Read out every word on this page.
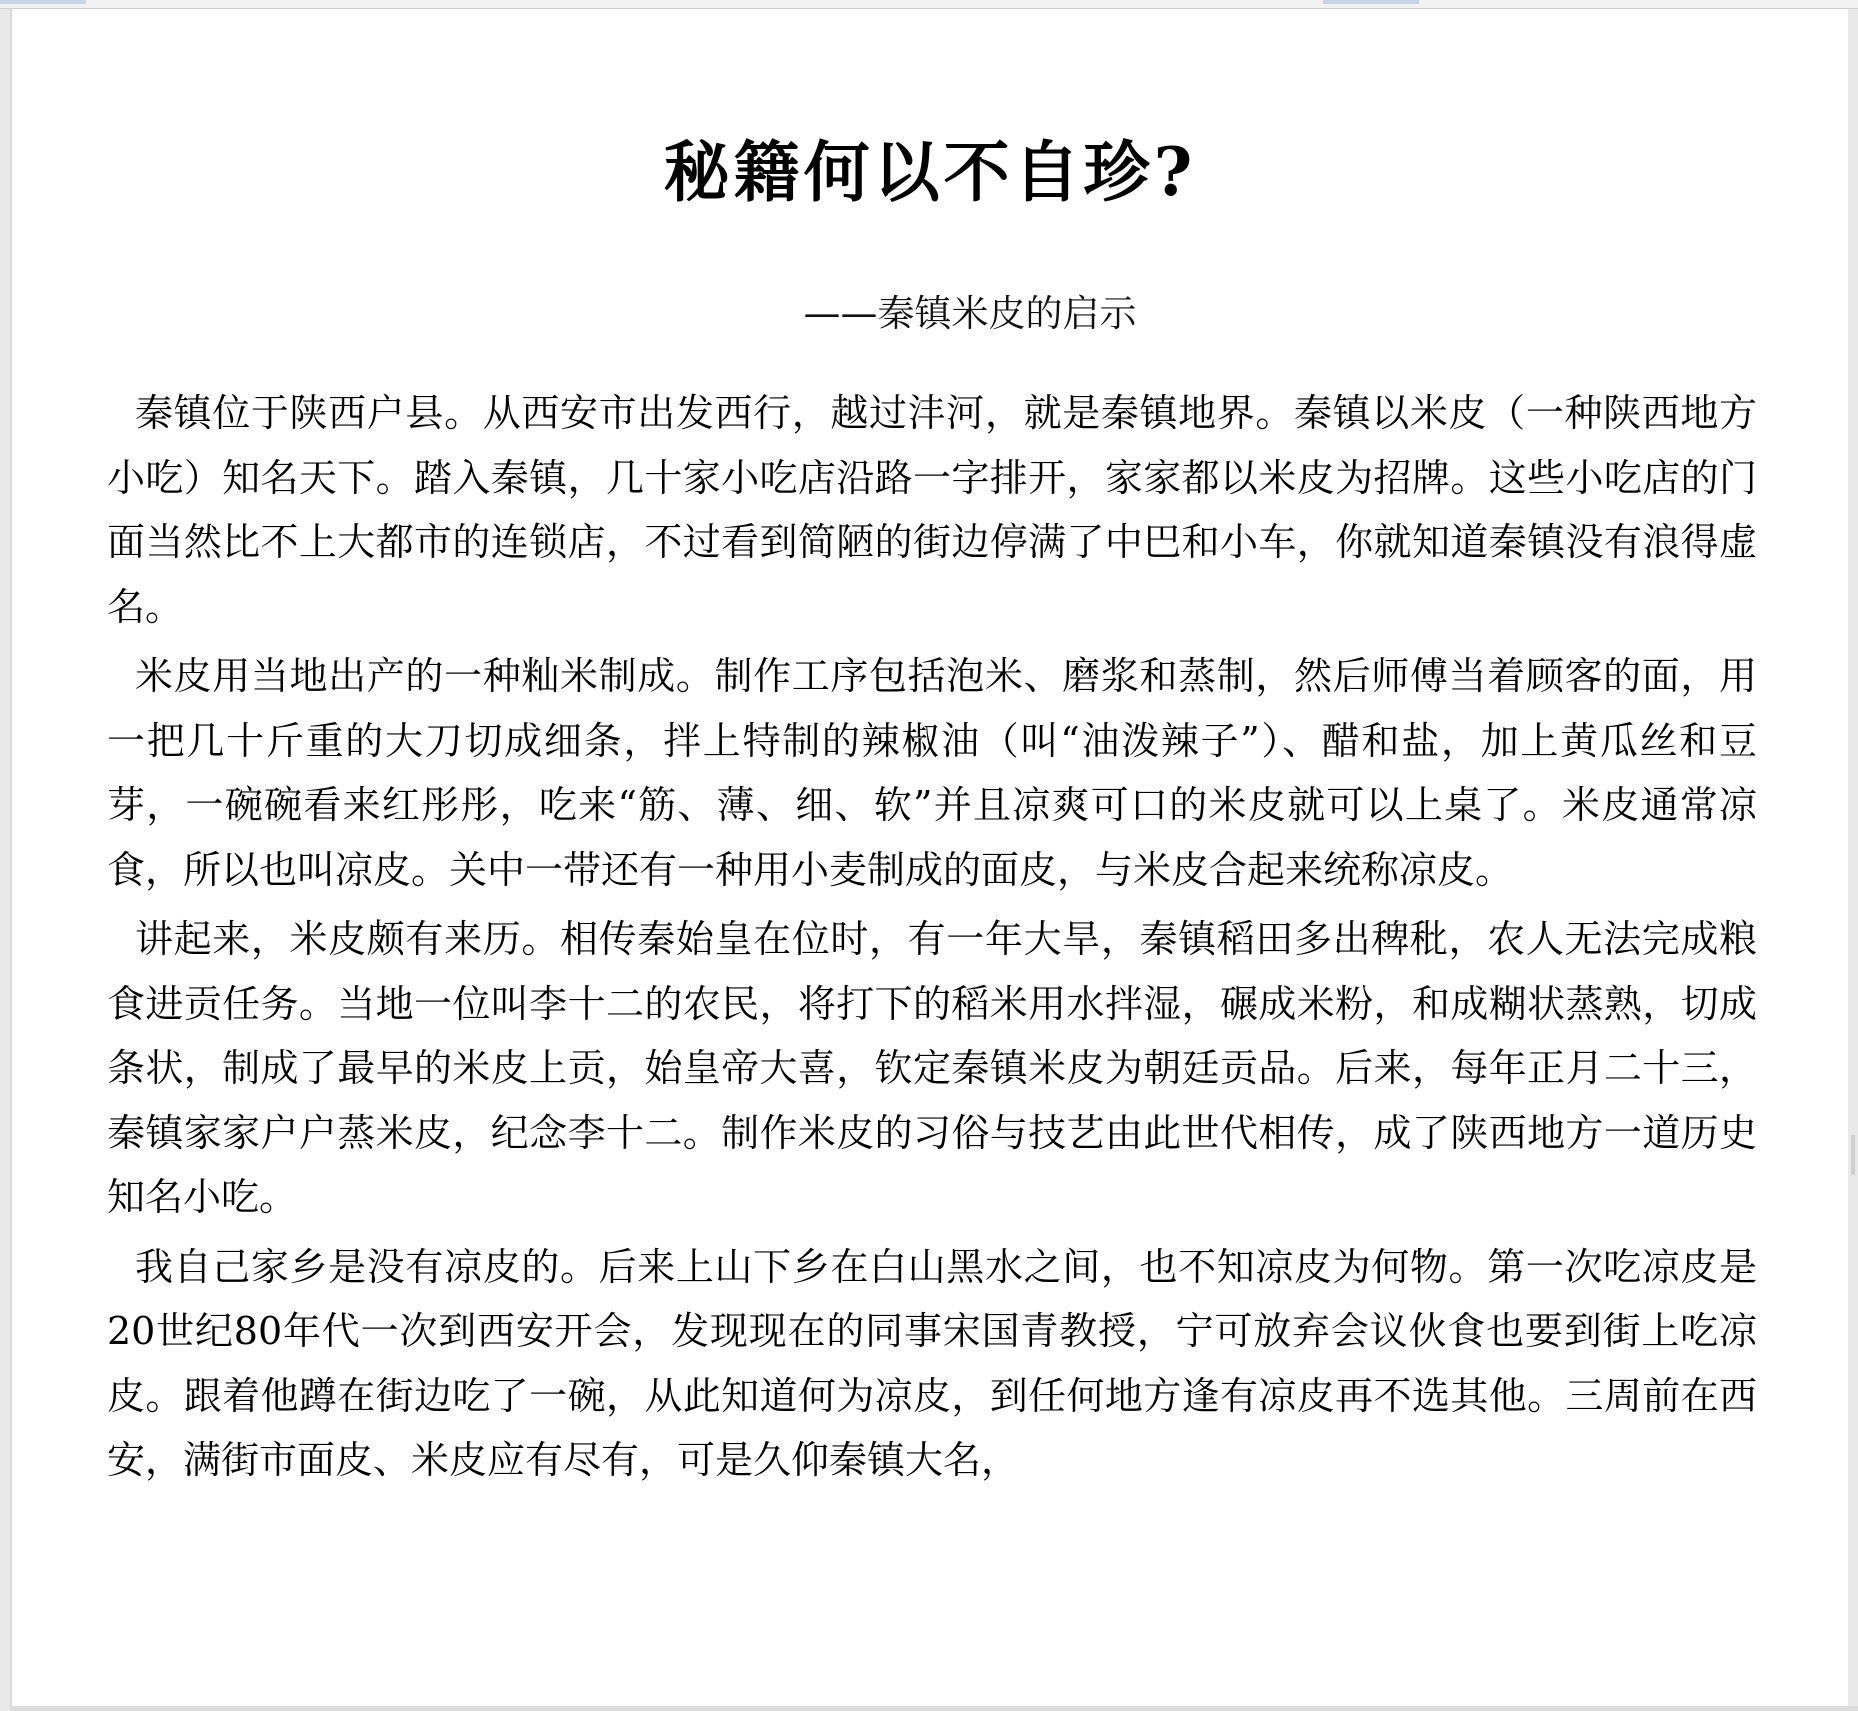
秘籍何以不自珍?
——秦镇米皮的启示

秦镇位于陕西户县。从西安市出发西行，越过沣河，就是秦镇地界。秦镇以米皮（一种陕西地方小吃）知名天下。踏入秦镇，几十家小吃店沿路一字排开，家家都以米皮为招牌。这些小吃店的门面当然比不上大都市的连锁店，不过看到简陋的街边停满了中巴和小车，你就知道秦镇没有浪得虚名。

米皮用当地出产的一种籼米制成。制作工序包括泡米、磨浆和蒸制，然后师傅当着顾客的面，用一把几十斤重的大刀切成细条，拌上特制的辣椒油（叫“油泼辣子”）、醋和盐，加上黄瓜丝和豆芽，一碗碗看来红彤彤，吃来“筋、薄、细、软”并且凉爽可口的米皮就可以上桌了。米皮通常凉食，所以也叫凉皮。关中一带还有一种用小麦制成的面皮，与米皮合起来统称凉皮。

讲起来，米皮颇有来历。相传秦始皇在位时，有一年大旱，秦镇稻田多出稗秕，农人无法完成粮食进贡任务。当地一位叫李十二的农民，将打下的稻米用水拌湿，碾成米粉，和成糊状蒸熟，切成条状，制成了最早的米皮上贡，始皇帝大喜，钦定秦镇米皮为朝廷贡品。后来，每年正月二十三，秦镇家家户户蒸米皮，纪念李十二。制作米皮的习俗与技艺由此世代相传，成了陕西地方一道历史知名小吃。

我自己家乡是没有凉皮的。后来上山下乡在白山黑水之间，也不知凉皮为何物。第一次吃凉皮是20世纪80年代一次到西安开会，发现现在的同事宋国青教授，宁可放弃会议伙食也要到街上吃凉皮。跟着他蹲在街边吃了一碗，从此知道何为凉皮，到任何地方逢有凉皮再不选其他。三周前在西安，满街市面皮、米皮应有尽有，可是久仰秦镇大名，
